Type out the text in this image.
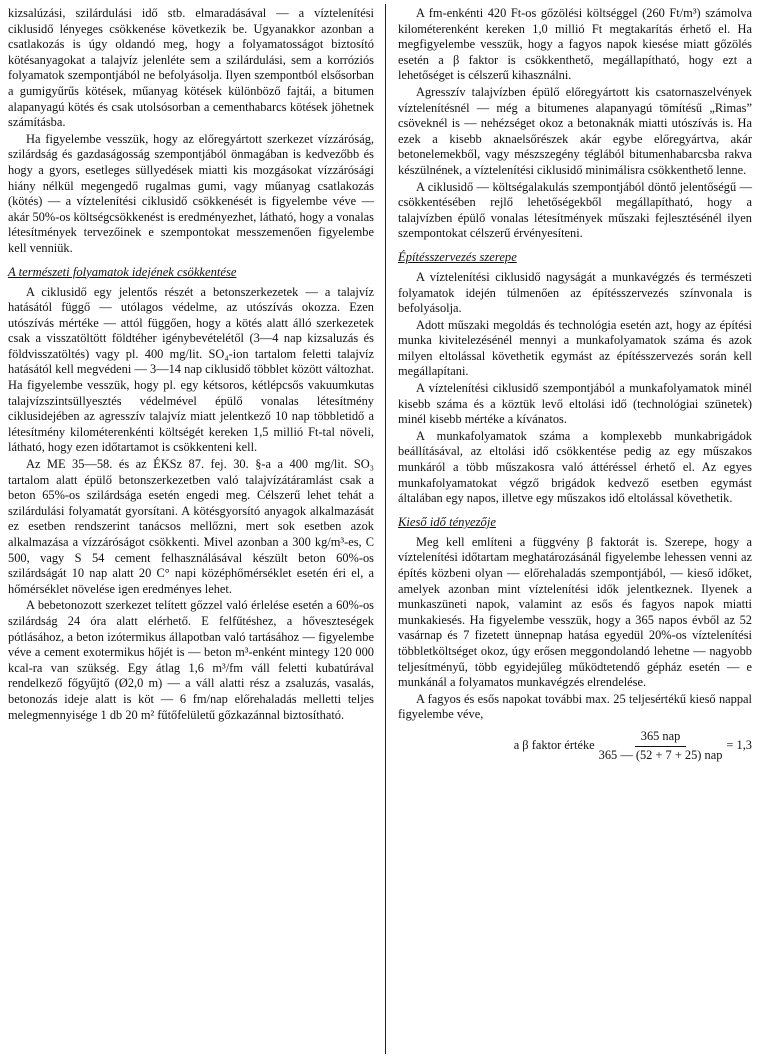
kizsalúzási, szilárdulási idő stb. elmaradásával — a víztelenítési ciklusidő lényeges csökkenése következik be. Ugyanakkor azonban a csatlakozás is úgy oldandó meg, hogy a folyamatosságot biztosító kötésanyagokat a talajvíz jelenléte sem a szilárdulási, sem a korróziós folyamatok szempontjából ne befolyásolja. Ilyen szempontból elsősorban a gumigyűrűs kötések, műanyag kötések különböző fajtái, a bitumen alapanyagú kötés és csak utolsósorban a cementhabarcs kötések jöhetnek számításba.

Ha figyelembe vesszük, hogy az előregyártott szerkezet vízzáróság, szilárdság és gazdaságosság szempontjából önmagában is kedvezőbb és hogy a gyors, esetleges süllyedések miatti kis mozgásokat vízzárósági hiány nélkül megengedő rugalmas gumi, vagy műanyag csatlakozás (kötés) — a víztelenítési ciklusidő csökkenését is figyelembe véve — akár 50%-os költségcsökkenést is eredményezhet, látható, hogy a vonalas létesítmények tervezőinek e szempontokat messzemenően figyelembe kell venniük.

A természeti folyamatok idejének csökkentése

A ciklusidő egy jelentős részét a betonszerkezetek — a talajvíz hatásától függő — utólagos védelme, az utószívás okozza. Ezen utószívás mértéke — attól függően, hogy a kötés alatt álló szerkezetek csak a visszatöltött földtéher igénybevételétől (3—4 nap kizsaluzás és földvisszatöltés) vagy pl. 400 mg/lit. SO₄-ion tartalom feletti talajvíz hatásától kell megvédeni — 3—14 nap ciklusidő többlet között változhat. Ha figyelembe vesszük, hogy pl. egy kétsoros, kétlépcsős vakuumkutas talajvízszintsüllyesztés védelmével épülő vonalas létesítmény ciklusidejében az agresszív talajvíz miatt jelentkező 10 nap többletidő a létesítmény kilométerenkénti költségét kereken 1,5 millió Ft-tal növeli, látható, hogy ezen időtartamot is csökkenteni kell.

Az ME 35—58. és az ÉKSz 87. fej. 30. §-a a 400 mg/lit. SO₃ tartalom alatt épülő betonszerkezetben való talajvízátáramlást csak a beton 65%-os szilárdsága esetén engedi meg. Célszerű lehet tehát a szilárdulási folyamatát gyorsítani. A kötésgyorsító anyagok alkalmazását ez esetben rendszerint tanácsos mellőzni, mert sok esetben azok alkalmazása a vízzáróságot csökkenti. Mivel azonban a 300 kg/m³-es, C 500, vagy S 54 cement felhasználásával készült beton 60%-os szilárdságát 10 nap alatt 20 C° napi középhőmérséklet esetén éri el, a hőmérséklet növelése igen eredményes lehet.

A bebetonozott szerkezet telített gőzzel való érlelése esetén a 60%-os szilárdság 24 óra alatt elérhető. E felfűtéshez, a hőveszteségek pótlásához, a beton izótermikus állapotban való tartásához — figyelembe véve a cement exotermikus hőjét is — beton m³-enként mintegy 120 000 kcal-ra van szükség. Egy átlag 1,6 m³/fm váll feletti kubatúrával rendelkező főgyűjtő (Ø2,0 m) — a váll alatti rész a zsaluzás, vasalás, betonozás ideje alatt is köt — 6 fm/nap előrehaladás melletti teljes melegmennyisége 1 db 20 m² fűtőfelületű gőzkazánnal biztosítható.

A fm-enkénti 420 Ft-os gőzölési költséggel (260 Ft/m³) számolva kilométerenként kereken 1,0 millió Ft megtakarítás érhető el. Ha megfigyelembe vesszük, hogy a fagyos napok kiesése miatt gőzölés esetén a β faktor is csökkenthető, megállapítható, hogy ezt a lehetőséget is célszerű kihasználni.

Agresszív talajvízben épülő előregyártott kis csatornaszelvények víztelenítésnél — még a bitumenes alapanyagú tömítésű „Rimas” csöveknél is — nehézséget okoz a betonaknák miatti utószívás is. Ha ezek a kisebb aknaelsőrészek akár egybe előregyártva, akár betonelemekből, vagy mészszegény téglából bitumenhabarcsba rakva készülnének, a víztelenítési ciklusidő minimálisra csökkenthető lenne.

A ciklusidő — költségalakulás szempontjából döntő jelentőségű — csökkentésében rejlő lehetőségekből megállapítható, hogy a talajvízben épülő vonalas létesítmények műszaki fejlesztésénél ilyen szempontokat célszerű érvényesíteni.

Építésszervezés szerepe

A víztelenítési ciklusidő nagyságát a munkavégzés és természeti folyamatok idején túlmenően az építésszervezés színvonala is befolyásolja.

Adott műszaki megoldás és technológia esetén azt, hogy az építési munka kivitelezésénél mennyi a munkafolyamatok száma és azok milyen eltolással követhetik egymást az építésszervezés során kell megállapítani.

A víztelenítési ciklusidő szempontjából a munkafolyamatok minél kisebb száma és a köztük levő eltolási idő (technológiai szünetek) minél kisebb mértéke a kívánatos.

A munkafolyamatok száma a komplexebb munkabrigádok beállításával, az eltolási idő csökkentése pedig az egy műszakos munkáról a több műszakosra való áttéréssel érhető el. Az egyes munkafolyamatokat végző brigádok kedvező esetben egymást általában egy napos, illetve egy műszakos idő eltolással követhetik.

Kieső idő tényezője

Meg kell említeni a függvény β faktorát is. Szerepe, hogy a víztelenítési időtartam meghatározásánál figyelembe lehessen venni az építés közbeni olyan — előrehaladás szempontjából, — kieső időket, amelyek azonban mint víztelenítési idők jelentkeznek. Ilyenek a munkaszüneti napok, valamint az esős és fagyos napok miatti munkakiesés. Ha figyelembe vesszük, hogy a 365 napos évből az 52 vasárnap és 7 fizetett ünnepnap hatása egyedül 20%-os víztelenítési többletköltséget okoz, úgy erősen meggondolandó lehetne — nagyobb teljesítményű, több egyidejűleg működtetendő gépház esetén — e munkánál a folyamatos munkavégzés elrendelése.

A fagyos és esős napokat további max. 25 teljesértékű kieső nappal figyelembe véve,

a β faktor értéke $\frac{\text{365 nap}}{\text{365 — (52 + 7 + 25) nap}} = 1,3$
